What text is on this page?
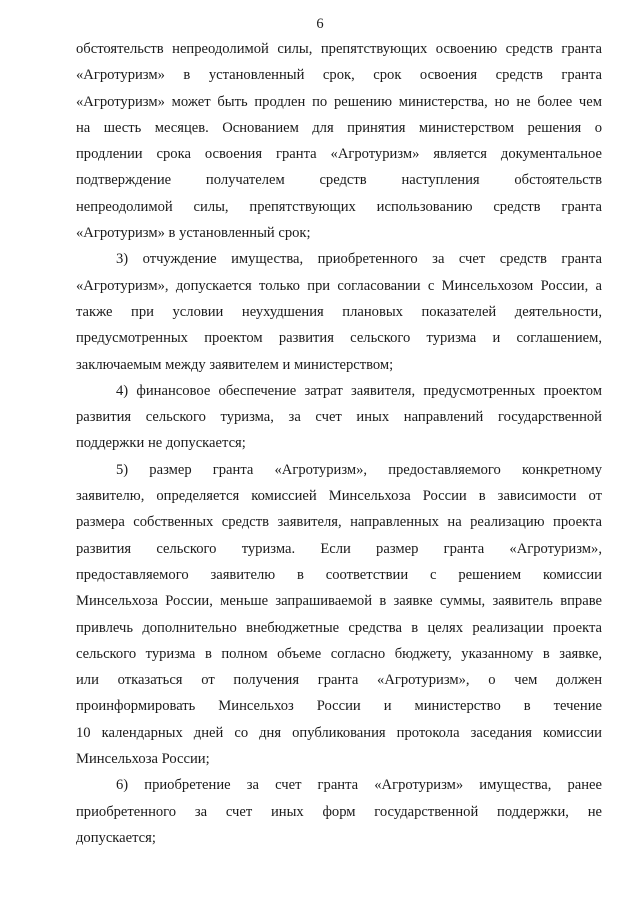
6

обстоятельств непреодолимой силы, препятствующих освоению средств гранта

«Агротуризм» в установленный срок, срок освоения средств гранта

«Агротуризм» может быть продлен по решению министерства, но не более чем

на шесть месяцев. Основанием для принятия министерством решения о

продлении срока освоения гранта «Агротуризм» является документальное

подтверждение получателем средств наступления обстоятельств

непреодолимой силы, препятствующих использованию средств гранта

«Агротуризм» в установленный срок;

3) отчуждение имущества, приобретенного за счет средств гранта

«Агротуризм», допускается только при согласовании с Минсельхозом России, а

также при условии неухудшения плановых показателей деятельности,

предусмотренных проектом развития сельского туризма и соглашением,

заключаемым между заявителем и министерством;

4) финансовое обеспечение затрат заявителя, предусмотренных проектом

развития сельского туризма, за счет иных направлений государственной

поддержки не допускается;

5) размер гранта «Агротуризм», предоставляемого конкретному

заявителю, определяется комиссией Минсельхоза России в зависимости от

размера собственных средств заявителя, направленных на реализацию проекта

развития сельского туризма. Если размер гранта «Агротуризм»,

предоставляемого заявителю в соответствии с решением комиссии

Минсельхоза России, меньше запрашиваемой в заявке суммы, заявитель вправе

привлечь дополнительно внебюджетные средства в целях реализации проекта

сельского туризма в полном объеме согласно бюджету, указанному в заявке,

или отказаться от получения гранта «Агротуризм», о чем должен

проинформировать Минсельхоз России и министерство в течение

10 календарных дней со дня опубликования протокола заседания комиссии

Минсельхоза России;

6) приобретение за счет гранта «Агротуризм» имущества, ранее

приобретенного за счет иных форм государственной поддержки, не

допускается;
